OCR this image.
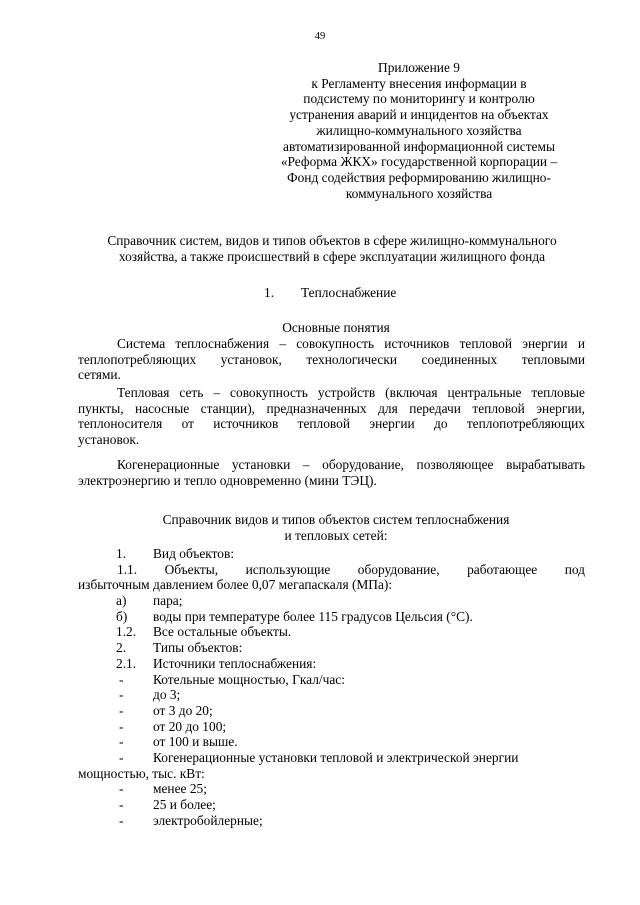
49
Приложение 9
к Регламенту внесения информации в
подсистему по мониторингу и контролю
устранения аварий и инцидентов на объектах
жилищно-коммунального хозяйства
автоматизированной информационной системы
«Реформа ЖКХ» государственной корпорации –
Фонд содействия реформированию жилищно-
коммунального хозяйства
Справочник систем, видов и типов объектов в сфере жилищно-коммунального
хозяйства, а также происшествий в сфере эксплуатации жилищного фонда
1. Теплоснабжение
Основные понятия
Система теплоснабжения – совокупность источников тепловой энергии и
теплопотребляющих установок, технологически соединенных тепловыми
сетями.
Тепловая сеть – совокупность устройств (включая центральные тепловые
пункты, насосные станции), предназначенных для передачи тепловой энергии,
теплоносителя от источников тепловой энергии до теплопотребляющих
установок.
Когенерационные установки – оборудование, позволяющее вырабатывать
электроэнергию и тепло одновременно (мини ТЭЦ).
Справочник видов и типов объектов систем теплоснабжения
и тепловых сетей:
1. Вид объектов:
1.1. Объекты, использующие оборудование, работающее под
избыточным давлением более 0,07 мегапаскаля (МПа):
а) пара;
б) воды при температуре более 115 градусов Цельсия (°С).
1.2. Все остальные объекты.
2. Типы объектов:
2.1. Источники теплоснабжения:
- Котельные мощностью, Гкал/час:
- до 3;
- от 3 до 20;
- от 20 до 100;
- от 100 и выше.
- Когенерационные установки тепловой и электрической энергии
мощностью, тыс. кВт:
- менее 25;
- 25 и более;
- электробойлерные;
